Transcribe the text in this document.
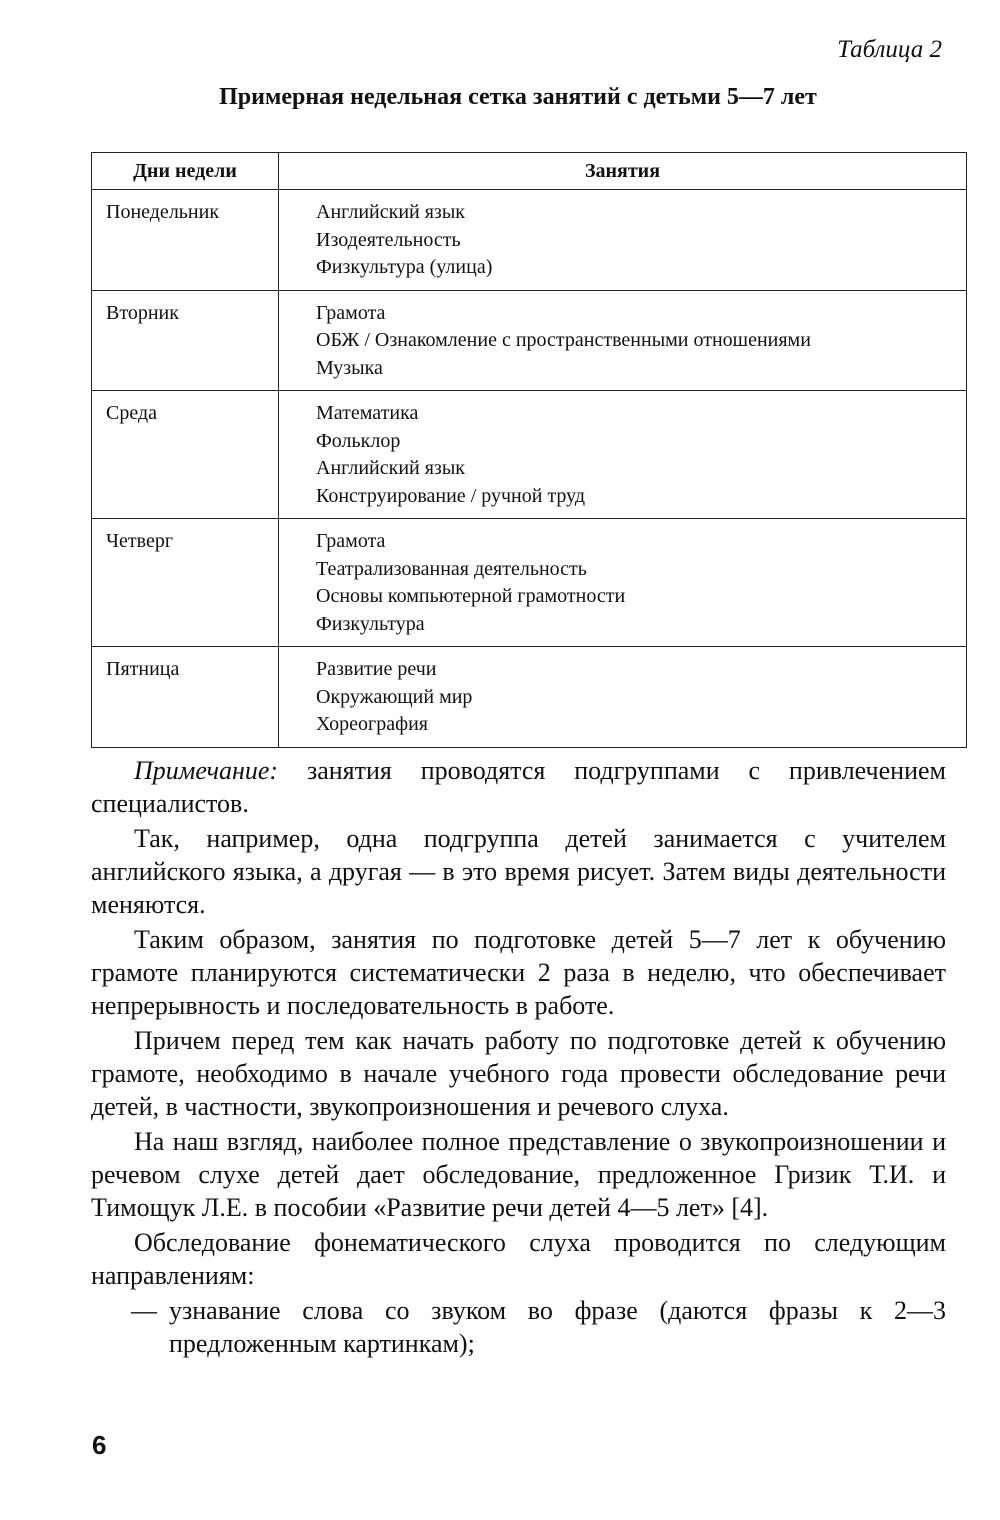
Таблица 2
Примерная недельная сетка занятий с детьми 5—7 лет
Дни недели	Занятия

Понедельник	Английский язык
Изодеятельность
Физкультура (улица)

Вторник	Грамота
ОБЖ / Ознакомление с пространственными отношениями
Музыка

Среда	Математика
Фольклор
Английский язык
Конструирование / ручной труд

Четверг	Грамота
Театрализованная деятельность
Основы компьютерной грамотности
Физкультура

Пятница	Развитие речи
Окружающий мир
Хореография

Примечание: занятия проводятся подгруппами с привлечением специалистов.

Так, например, одна подгруппа детей занимается с учителем английского языка, а другая — в это время рисует. Затем виды деятельности меняются.

Таким образом, занятия по подготовке детей 5—7 лет к обучению грамоте планируются систематически 2 раза в неделю, что обеспечивает непрерывность и последовательность в работе.

Причем перед тем как начать работу по подготовке детей к обучению грамоте, необходимо в начале учебного года провести обследование речи детей, в частности, звукопроизношения и речевого слуха.

На наш взгляд, наиболее полное представление о звукопроизношении и речевом слухе детей дает обследование, предложенное Гризик Т.И. и Тимощук Л.Е. в пособии «Развитие речи детей 4—5 лет» [4].

Обследование фонематического слуха проводится по следующим направлениям:

— узнавание слова со звуком во фразе (даются фразы к 2—3 предложенным картинкам);
6
